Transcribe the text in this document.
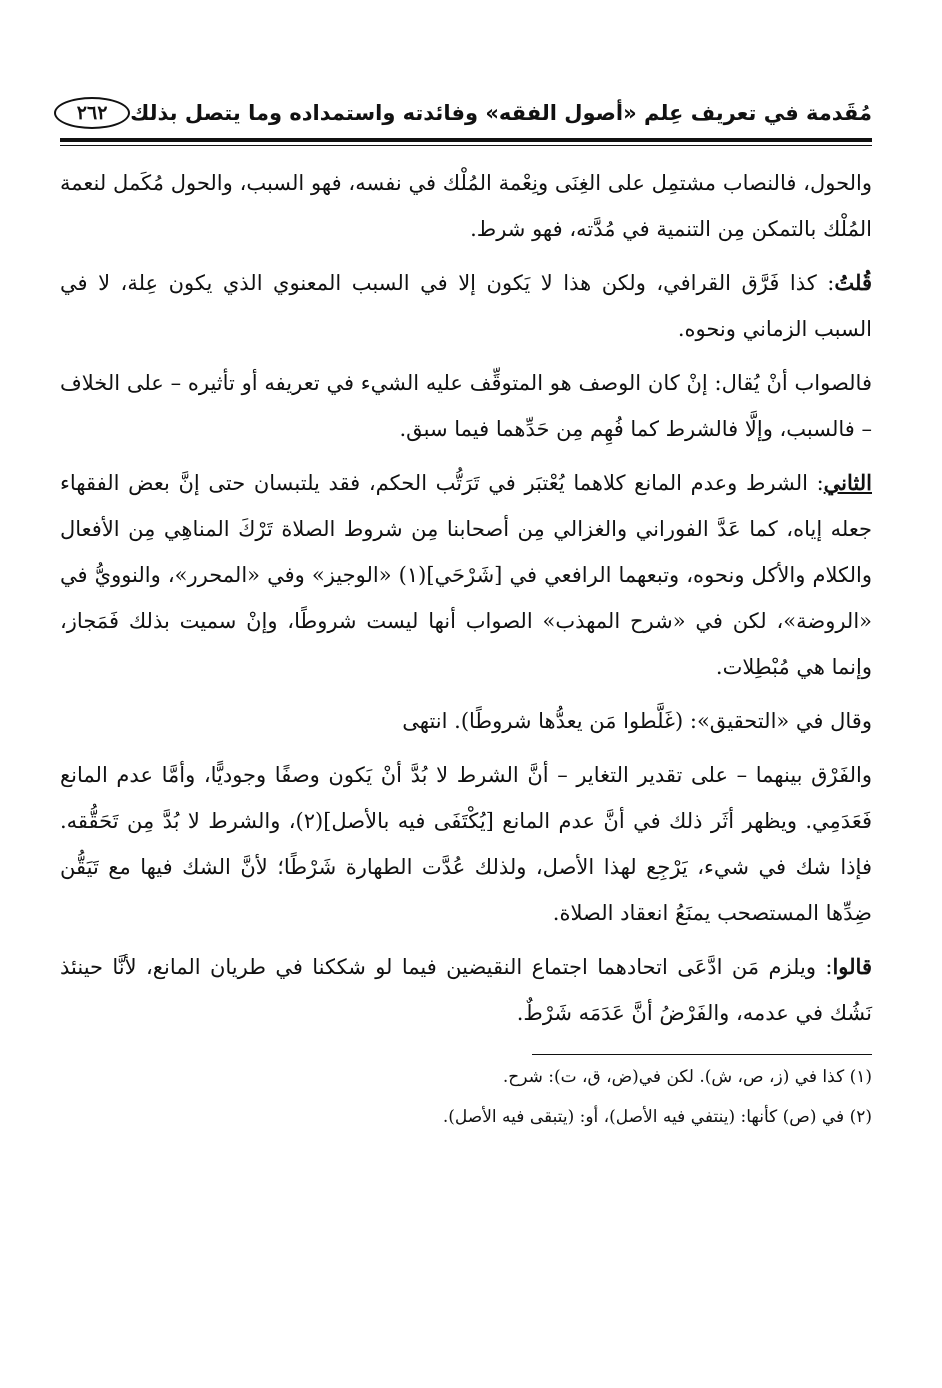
مُقَدمة في تعريف عِلم «أصول الفقه» وفائدته واستمداده وما يتصل بذلك
٢٦٢

والحول، فالنصاب مشتمِل على الغِنَى ونِعْمة المُلْك في نفسه، فهو السبب، والحول مُكَمل لنعمة المُلْك بالتمكن مِن التنمية في مُدَّته، فهو شرط.

قُلتُ: كذا فَرَّق القرافي، ولكن هذا لا يَكون إلا في السبب المعنوي الذي يكون عِلة، لا في السبب الزماني ونحوه.

فالصواب أنْ يُقال: إنْ كان الوصف هو المتوقِّف عليه الشيء في تعريفه أو تأثيره – على الخلاف – فالسبب، وإلَّا فالشرط كما فُهِم مِن حَدِّهما فيما سبق.

الثاني: الشرط وعدم المانع كلاهما يُعْتبَر في تَرَتُّب الحكم، فقد يلتبسان حتى إنَّ بعض الفقهاء جعله إياه، كما عَدَّ الفوراني والغزالي مِن أصحابنا مِن شروط الصلاة تَرْكَ المناهِي مِن الأفعال والكلام والأكل ونحوه، وتبعهما الرافعي في [شَرْحَي](١) «الوجيز» وفي «المحرر»، والنوويُّ في «الروضة»، لكن في «شرح المهذب» الصواب أنها ليست شروطًا، وإنْ سميت بذلك فَمَجاز، وإنما هي مُبْطِلات.

وقال في «التحقيق»: (غَلَّطوا مَن يعدُّها شروطًا). انتهى

والفَرْق بينهما – على تقدير التغاير – أنَّ الشرط لا بُدَّ أنْ يَكون وصفًا وجوديًّا، وأمَّا عدم المانع فَعَدَمِي. ويظهر أثَر ذلك في أنَّ عدم المانع [يُكْتَفَى فيه بالأصل](٢)، والشرط لا بُدَّ مِن تَحَقُّقه. فإذا شك في شيء، يَرْجِع لهذا الأصل، ولذلك عُدَّت الطهارة شَرْطًا؛ لأنَّ الشك فيها مع تَيَقُّن ضِدِّها المستصحب يمنَعُ انعقاد الصلاة.

قالوا: ويلزم مَن ادَّعَى اتحادهما اجتماع النقيضين فيما لو شككنا في طريان المانع، لأنَّا حينئذ نَشُك في عدمه، والفَرْضُ أنَّ عَدَمَه شَرْطٌ.

(١) كذا في (ز، ص، ش). لكن في(ض، ق، ت): شرح.
(٢) في (ص) كأنها: (ينتفي فيه الأصل)، أو: (يتبقى فيه الأصل).
